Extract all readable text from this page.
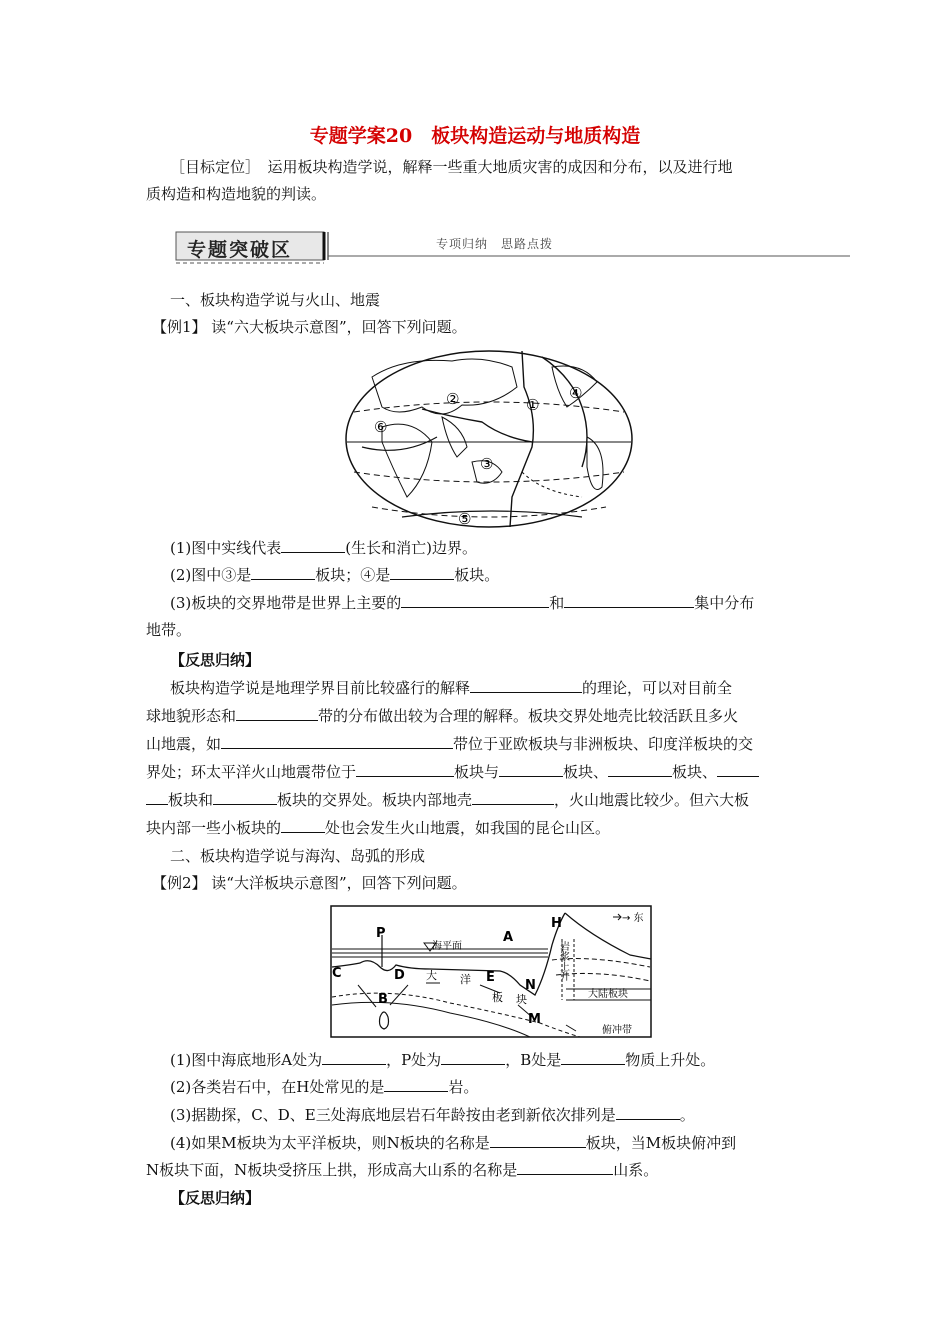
专题学案20　板块构造运动与地质构造
［目标定位］　运用板块构造学说，解释一些重大地质灾害的成因和分布，以及进行地
质构造和构造地貌的判读。
专题突破区	专项归纳　思路点拨
一、板块构造学说与火山、地震
【例1】 读“六大板块示意图”，回答下列问题。
①
②
③
④
⑤
⑥
(1)图中实线代表	(生长和消亡)边界。
(2)图中③是	板块；④是	板块。
(3)板块的交界地带是世界上主要的	和	集中分布
地带。
【反思归纳】
板块构造学说是地理学界目前比较盛行的解释	的理论，可以对目前全
球地貌形态和	带的分布做出较为合理的解释。板块交界处地壳比较活跃且多火
山地震，如	带位于亚欧板块与非洲板块、印度洋板块的交
界处；环太平洋火山地震带位于	板块与	板块、	板块、
板块和	板块的交界处。板块内部地壳	，火山地震比较少。但六大板
块内部一些小板块的	处也会发生火山地震，如我国的昆仑山区。
二、板块构造学说与海沟、岛弧的形成
【例2】 读“大洋板块示意图”，回答下列问题。
H
P	A
C	D
B
E
N
M
→ 东
海平面
大 洋
板 块	大陆板块
俯冲带
岩浆上升
(1)图中海底地形A处为	，P处为	，B处是	物质上升处。
(2)各类岩石中，在H处常见的是	岩。
(3)据勘探，C、D、E三处海底地层岩石年龄按由老到新依次排列是	。
(4)如果M板块为太平洋板块，则N板块的名称是	板块，当M板块俯冲到
N板块下面，N板块受挤压上拱，形成高大山系的名称是	山系。
【反思归纳】
